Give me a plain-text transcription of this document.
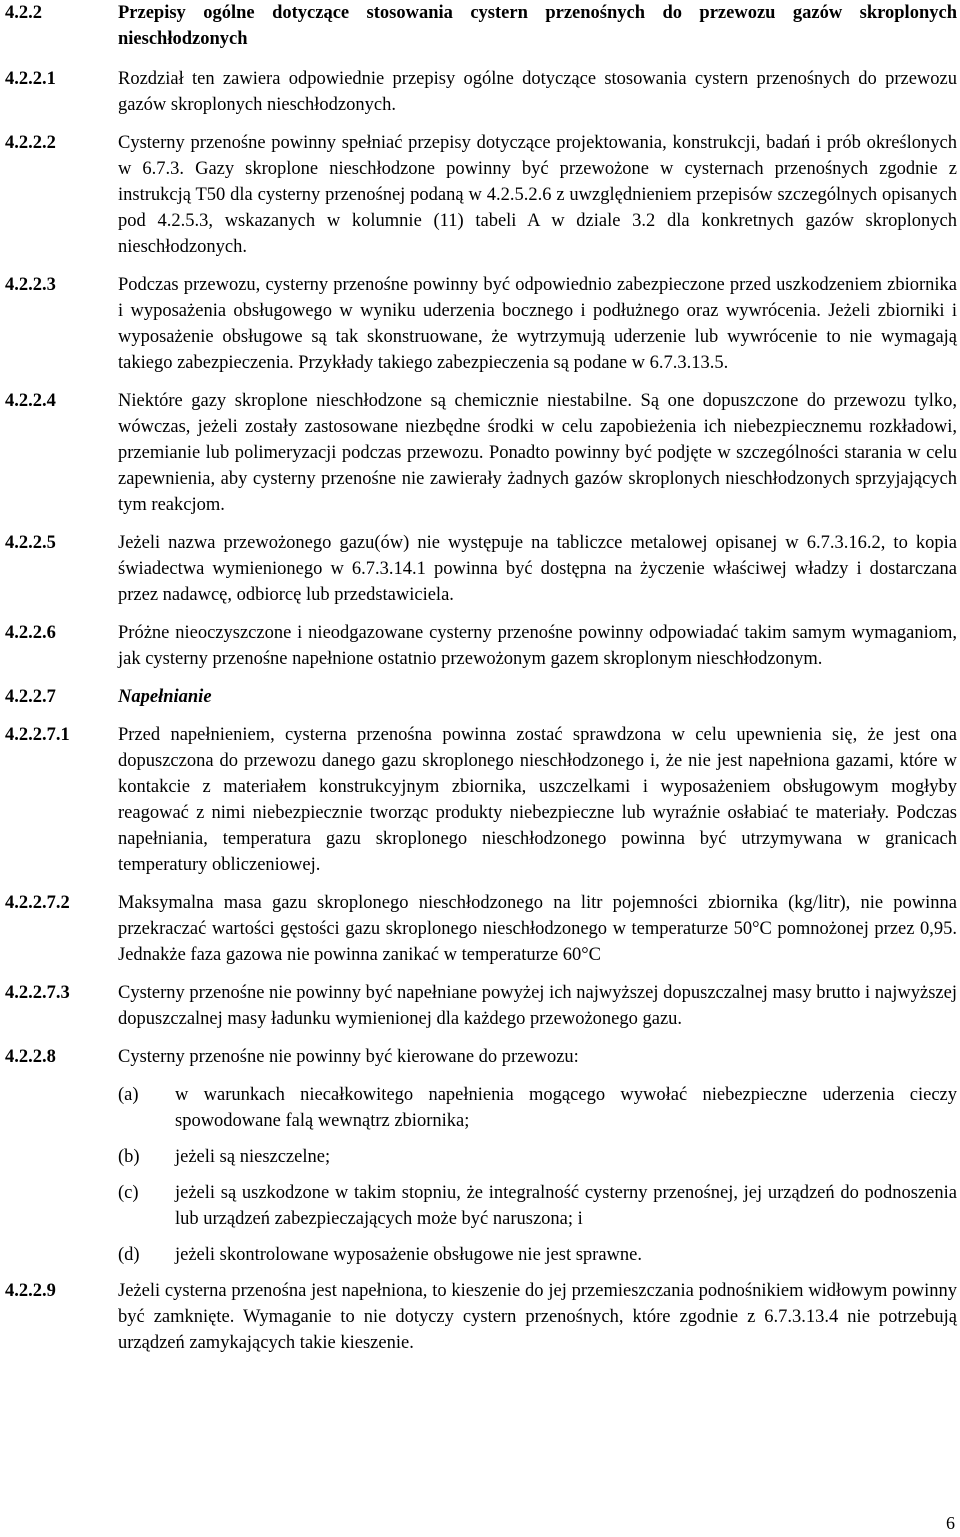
4.2.2	Przepisy ogólne dotyczące stosowania cystern przenośnych do przewozu gazów skroplonych nieschłodzonych
4.2.2.1	Rozdział ten zawiera odpowiednie przepisy ogólne dotyczące stosowania cystern przenośnych do przewozu gazów skroplonych nieschłodzonych.
4.2.2.2	Cysterny przenośne powinny spełniać przepisy dotyczące projektowania, konstrukcji, badań i prób określonych w 6.7.3. Gazy skroplone nieschłodzone powinny być przewożone w cysternach przenośnych zgodnie z instrukcją T50 dla cysterny przenośnej podaną w 4.2.5.2.6 z uwzględnieniem przepisów szczególnych opisanych pod 4.2.5.3, wskazanych w kolumnie (11) tabeli A w dziale 3.2 dla konkretnych gazów skroplonych nieschłodzonych.
4.2.2.3	Podczas przewozu, cysterny przenośne powinny być odpowiednio zabezpieczone przed uszkodzeniem zbiornika i wyposażenia obsługowego w wyniku uderzenia bocznego i podłużnego oraz wywrócenia. Jeżeli zbiorniki i wyposażenie obsługowe są tak skonstruowane, że wytrzymują uderzenie lub wywrócenie to nie wymagają takiego zabezpieczenia. Przykłady takiego zabezpieczenia są podane w 6.7.3.13.5.
4.2.2.4	Niektóre gazy skroplone nieschłodzone są chemicznie niestabilne. Są one dopuszczone do przewozu tylko, wówczas, jeżeli zostały zastosowane niezbędne środki w celu zapobieżenia ich niebezpiecznemu rozkładowi, przemianie lub polimeryzacji podczas przewozu. Ponadto powinny być podjęte w szczególności starania w celu zapewnienia, aby cysterny przenośne nie zawierały żadnych gazów skroplonych nieschłodzonych sprzyjających tym reakcjom.
4.2.2.5	Jeżeli nazwa przewożonego gazu(ów) nie występuje na tabliczce metalowej opisanej w 6.7.3.16.2, to kopia świadectwa wymienionego w 6.7.3.14.1 powinna być dostępna na życzenie właściwej władzy i dostarczana przez nadawcę, odbiorcę lub przedstawiciela.
4.2.2.6	Próżne nieoczyszczone i nieodgazowane cysterny przenośne powinny odpowiadać takim samym wymaganiom, jak cysterny przenośne napełnione ostatnio przewożonym gazem skroplonym nieschłodzonym.
4.2.2.7	Napełnianie
4.2.2.7.1	Przed napełnieniem, cysterna przenośna powinna zostać sprawdzona w celu upewnienia się, że jest ona dopuszczona do przewozu danego gazu skroplonego nieschłodzonego i, że nie jest napełniona gazami, które w kontakcie z materiałem konstrukcyjnym zbiornika, uszczelkami i wyposażeniem obsługowym mogłyby reagować z nimi niebezpiecznie tworząc produkty niebezpieczne lub wyraźnie osłabiać te materiały. Podczas napełniania, temperatura gazu skroplonego nieschłodzonego powinna być utrzymywana w granicach temperatury obliczeniowej.
4.2.2.7.2	Maksymalna masa gazu skroplonego nieschłodzonego na litr pojemności zbiornika (kg/litr), nie powinna przekraczać wartości gęstości gazu skroplonego nieschłodzonego w temperaturze 50°C pomnożonej przez 0,95. Jednakże faza gazowa nie powinna zanikać w temperaturze 60°C
4.2.2.7.3	Cysterny przenośne nie powinny być napełniane powyżej ich najwyższej dopuszczalnej masy brutto i najwyższej dopuszczalnej masy ładunku wymienionej dla każdego przewożonego gazu.
4.2.2.8	Cysterny przenośne nie powinny być kierowane do przewozu:
(a)	w warunkach niecałkowitego napełnienia mogącego wywołać niebezpieczne uderzenia cieczy spowodowane falą wewnątrz zbiornika;
(b)	jeżeli są nieszczelne;
(c)	jeżeli są uszkodzone w takim stopniu, że integralność cysterny przenośnej, jej urządzeń do podnoszenia lub urządzeń zabezpieczających może być naruszona; i
(d)	jeżeli skontrolowane wyposażenie obsługowe nie jest sprawne.
4.2.2.9	Jeżeli cysterna przenośna jest napełniona, to kieszenie do jej przemieszczania podnośnikiem widłowym powinny być zamknięte. Wymaganie to nie dotyczy cystern przenośnych, które zgodnie z 6.7.3.13.4 nie potrzebują urządzeń zamykających takie kieszenie.
6
